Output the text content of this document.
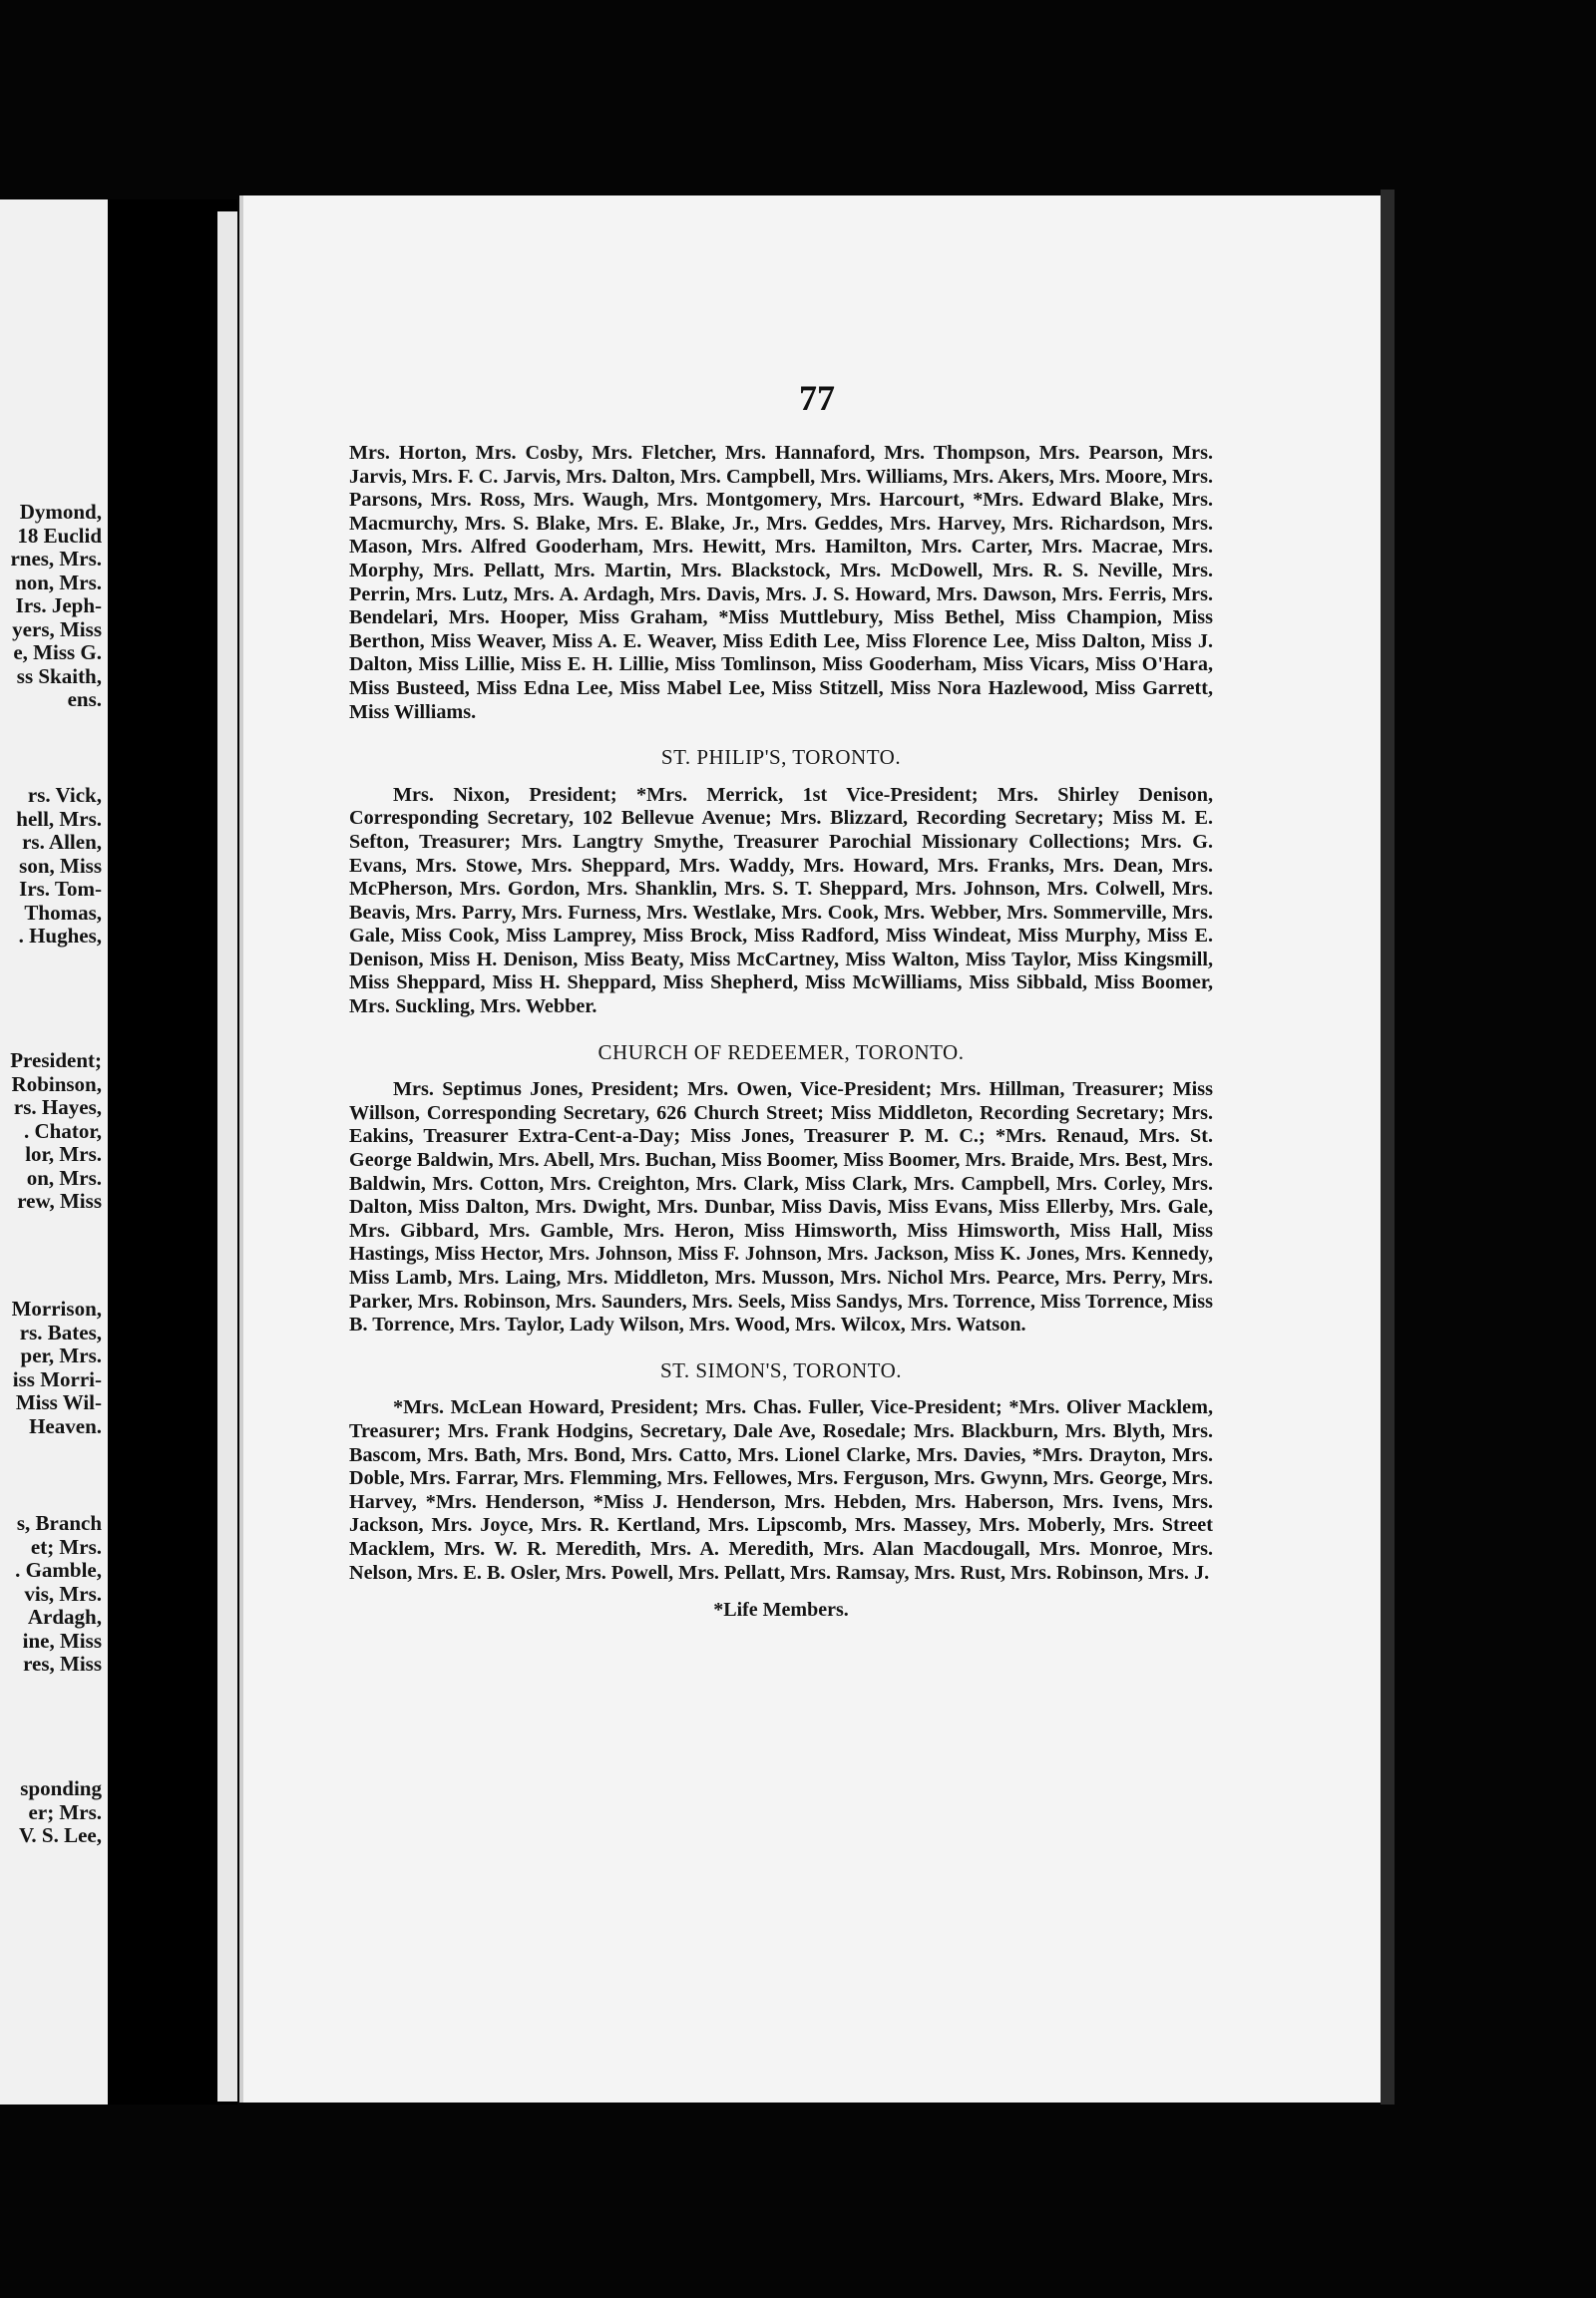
Dymond,
18 Euclid
rnes, Mrs.
non, Mrs.
Irs. Jeph-
yers, Miss
e, Miss G.
ss Skaith,
ens.
rs. Vick,
hell, Mrs.
rs. Allen,
son, Miss
Irs. Tom-
Thomas,
. Hughes,
President;
Robinson,
rs. Hayes,
. Chator,
lor, Mrs.
on, Mrs.
rew, Miss
Morrison,
rs. Bates,
per, Mrs.
iss Morri-
Miss Wil-
Heaven.
s, Branch
et; Mrs.
. Gamble,
vis, Mrs.
Ardagh,
ine, Miss
res, Miss
sponding
er; Mrs.
V. S. Lee,
77

Mrs. Horton, Mrs. Cosby, Mrs. Fletcher, Mrs. Hannaford, Mrs. Thompson, Mrs. Pearson, Mrs. Jarvis, Mrs. F. C. Jarvis, Mrs. Dalton, Mrs. Campbell, Mrs. Williams, Mrs. Akers, Mrs. Moore, Mrs. Parsons, Mrs. Ross, Mrs. Waugh, Mrs. Montgomery, Mrs. Harcourt, *Mrs. Edward Blake, Mrs. Macmurchy, Mrs. S. Blake, Mrs. E. Blake, Jr., Mrs. Geddes, Mrs. Harvey, Mrs. Richardson, Mrs. Mason, Mrs. Alfred Gooderham, Mrs. Hewitt, Mrs. Hamilton, Mrs. Carter, Mrs. Macrae, Mrs. Morphy, Mrs. Pellatt, Mrs. Martin, Mrs. Blackstock, Mrs. McDowell, Mrs. R. S. Neville, Mrs. Perrin, Mrs. Lutz, Mrs. A. Ardagh, Mrs. Davis, Mrs. J. S. Howard, Mrs. Dawson, Mrs. Ferris, Mrs. Bendelari, Mrs. Hooper, Miss Graham, *Miss Muttlebury, Miss Bethel, Miss Champion, Miss Berthon, Miss Weaver, Miss A. E. Weaver, Miss Edith Lee, Miss Florence Lee, Miss Dalton, Miss J. Dalton, Miss Lillie, Miss E. H. Lillie, Miss Tomlinson, Miss Gooderham, Miss Vicars, Miss O'Hara, Miss Busteed, Miss Edna Lee, Miss Mabel Lee, Miss Stitzell, Miss Nora Hazlewood, Miss Garrett, Miss Williams.

ST. PHILIP'S, TORONTO.

Mrs. Nixon, President; *Mrs. Merrick, 1st Vice-President; Mrs. Shirley Denison, Corresponding Secretary, 102 Bellevue Avenue; Mrs. Blizzard, Recording Secretary; Miss M. E. Sefton, Treasurer; Mrs. Langtry Smythe, Treasurer Parochial Missionary Collections; Mrs. G. Evans, Mrs. Stowe, Mrs. Sheppard, Mrs. Waddy, Mrs. Howard, Mrs. Franks, Mrs. Dean, Mrs. McPherson, Mrs. Gordon, Mrs. Shanklin, Mrs. S. T. Sheppard, Mrs. Johnson, Mrs. Colwell, Mrs. Beavis, Mrs. Parry, Mrs. Furness, Mrs. Westlake, Mrs. Cook, Mrs. Webber, Mrs. Sommerville, Mrs. Gale, Miss Cook, Miss Lamprey, Miss Brock, Miss Radford, Miss Windeat, Miss Murphy, Miss E. Denison, Miss H. Denison, Miss Beaty, Miss McCartney, Miss Walton, Miss Taylor, Miss Kingsmill, Miss Sheppard, Miss H. Sheppard, Miss Shepherd, Miss McWilliams, Miss Sibbald, Miss Boomer, Mrs. Suckling, Mrs. Webber.

CHURCH OF REDEEMER, TORONTO.

Mrs. Septimus Jones, President; Mrs. Owen, Vice-President; Mrs. Hillman, Treasurer; Miss Willson, Corresponding Secretary, 626 Church Street; Miss Middleton, Recording Secretary; Mrs. Eakins, Treasurer Extra-Cent-a-Day; Miss Jones, Treasurer P. M. C.; *Mrs. Renaud, Mrs. St. George Baldwin, Mrs. Abell, Mrs. Buchan, Miss Boomer, Miss Boomer, Mrs. Braide, Mrs. Best, Mrs. Baldwin, Mrs. Cotton, Mrs. Creighton, Mrs. Clark, Miss Clark, Mrs. Campbell, Mrs. Corley, Mrs. Dalton, Miss Dalton, Mrs. Dwight, Mrs. Dunbar, Miss Davis, Miss Evans, Miss Ellerby, Mrs. Gale, Mrs. Gibbard, Mrs. Gamble, Mrs. Heron, Miss Himsworth, Miss Himsworth, Miss Hall, Miss Hastings, Miss Hector, Mrs. Johnson, Miss F. Johnson, Mrs. Jackson, Miss K. Jones, Mrs. Kennedy, Miss Lamb, Mrs. Laing, Mrs. Middleton, Mrs. Musson, Mrs. Nichol Mrs. Pearce, Mrs. Perry, Mrs. Parker, Mrs. Robinson, Mrs. Saunders, Mrs. Seels, Miss Sandys, Mrs. Torrence, Miss Torrence, Miss B. Torrence, Mrs. Taylor, Lady Wilson, Mrs. Wood, Mrs. Wilcox, Mrs. Watson.

ST. SIMON'S, TORONTO.

*Mrs. McLean Howard, President; Mrs. Chas. Fuller, Vice-President; *Mrs. Oliver Macklem, Treasurer; Mrs. Frank Hodgins, Secretary, Dale Ave, Rosedale; Mrs. Blackburn, Mrs. Blyth, Mrs. Bascom, Mrs. Bath, Mrs. Bond, Mrs. Catto, Mrs. Lionel Clarke, Mrs. Davies, *Mrs. Drayton, Mrs. Doble, Mrs. Farrar, Mrs. Flemming, Mrs. Fellowes, Mrs. Ferguson, Mrs. Gwynn, Mrs. George, Mrs. Harvey, *Mrs. Henderson, *Miss J. Henderson, Mrs. Hebden, Mrs. Haberson, Mrs. Ivens, Mrs. Jackson, Mrs. Joyce, Mrs. R. Kertland, Mrs. Lipscomb, Mrs. Massey, Mrs. Moberly, Mrs. Street Macklem, Mrs. W. R. Meredith, Mrs. A. Meredith, Mrs. Alan Macdougall, Mrs. Monroe, Mrs. Nelson, Mrs. E. B. Osler, Mrs. Powell, Mrs. Pellatt, Mrs. Ramsay, Mrs. Rust, Mrs. Robinson, Mrs. J.

*Life Members.
